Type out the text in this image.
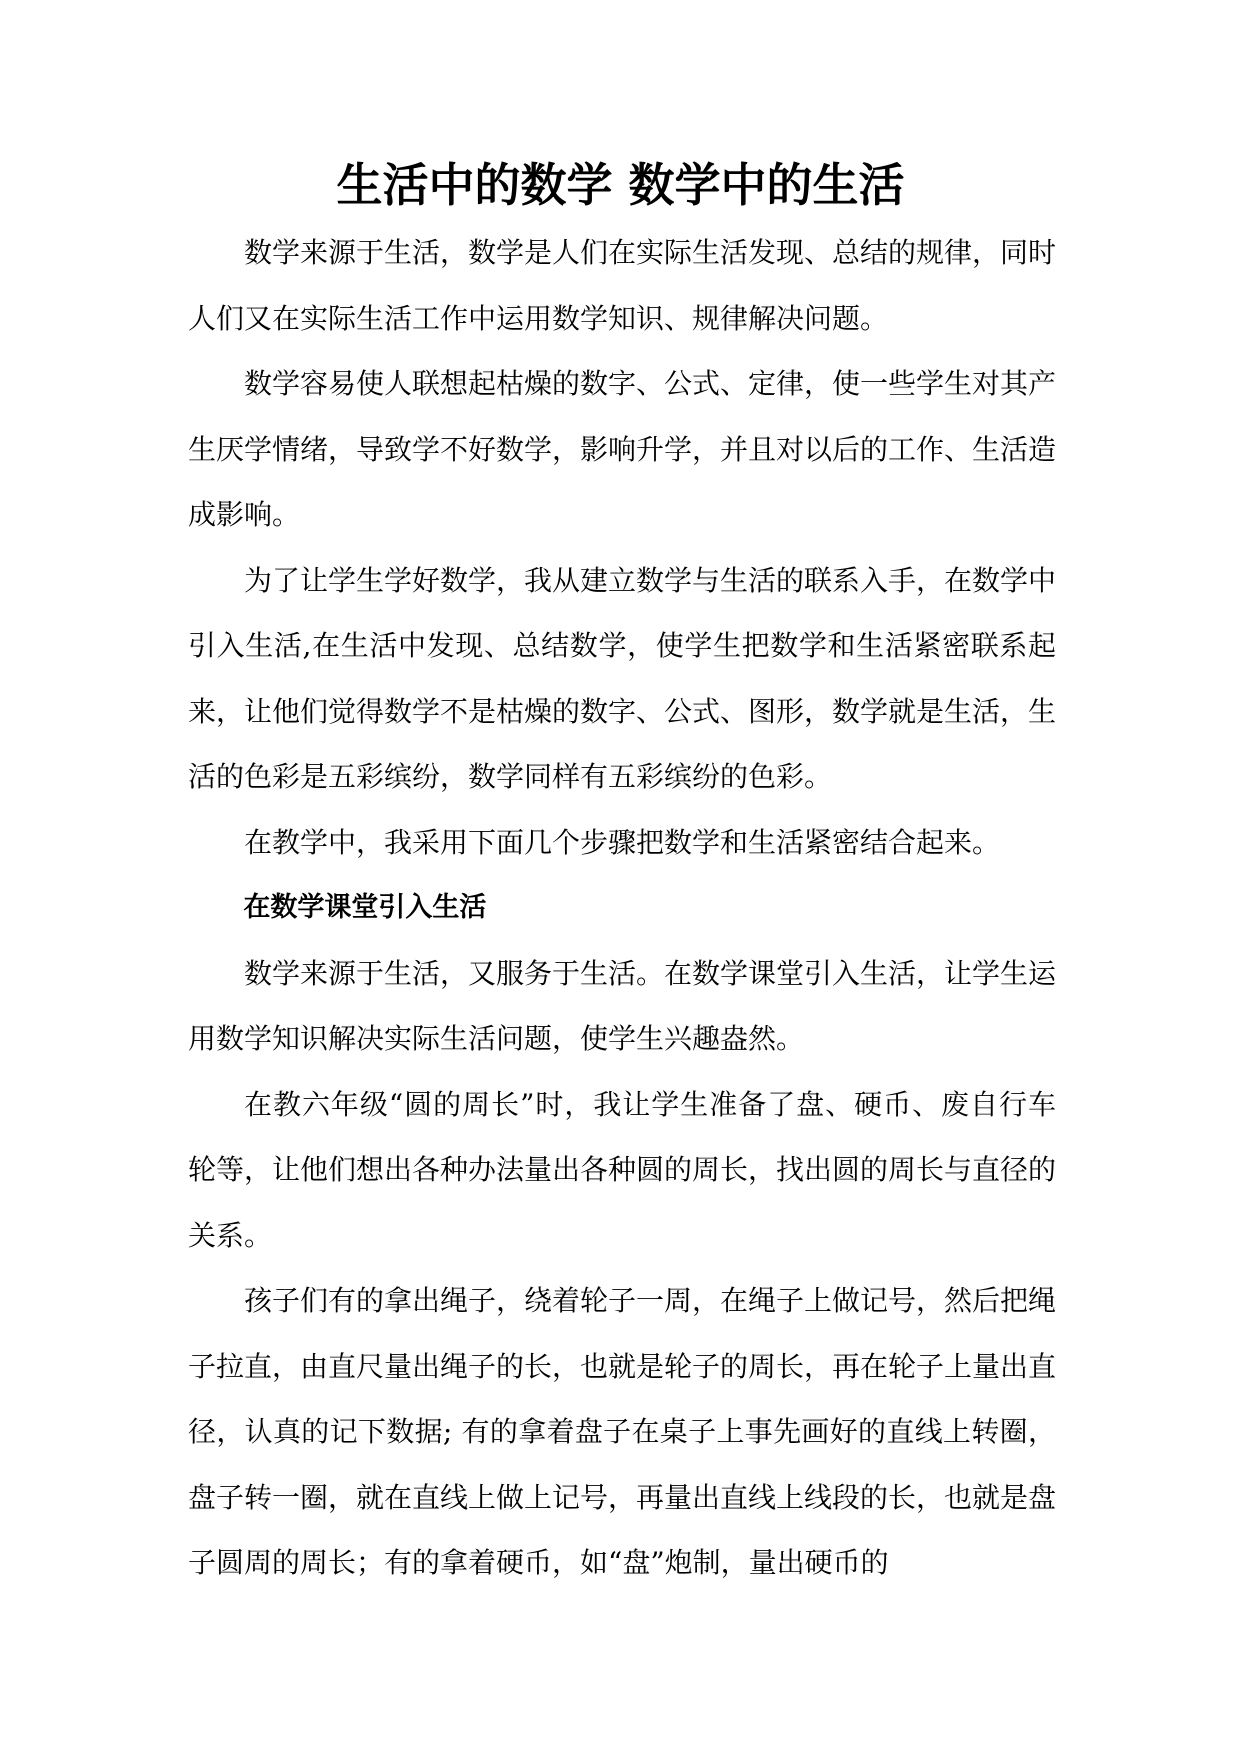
生活中的数学 数学中的生活

数学来源于生活，数学是人们在实际生活发现、总结的规律，同时人们又在实际生活工作中运用数学知识、规律解决问题。

数学容易使人联想起枯燥的数字、公式、定律，使一些学生对其产生厌学情绪，导致学不好数学，影响升学，并且对以后的工作、生活造成影响。

为了让学生学好数学，我从建立数学与生活的联系入手，在数学中引入生活,在生活中发现、总结数学，使学生把数学和生活紧密联系起来，让他们觉得数学不是枯燥的数字、公式、图形，数学就是生活，生活的色彩是五彩缤纷，数学同样有五彩缤纷的色彩。

在教学中，我采用下面几个步骤把数学和生活紧密结合起来。

在数学课堂引入生活

数学来源于生活，又服务于生活。在数学课堂引入生活，让学生运用数学知识解决实际生活问题，使学生兴趣盎然。

在教六年级“圆的周长”时，我让学生准备了盘、硬币、废自行车轮等，让他们想出各种办法量出各种圆的周长，找出圆的周长与直径的关系。

孩子们有的拿出绳子，绕着轮子一周，在绳子上做记号，然后把绳子拉直，由直尺量出绳子的长，也就是轮子的周长，再在轮子上量出直径，认真的记下数据; 有的拿着盘子在桌子上事先画好的直线上转圈，盘子转一圈，就在直线上做上记号，再量出直线上线段的长，也就是盘子圆周的周长；有的拿着硬币，如“盘”炮制，量出硬币的
